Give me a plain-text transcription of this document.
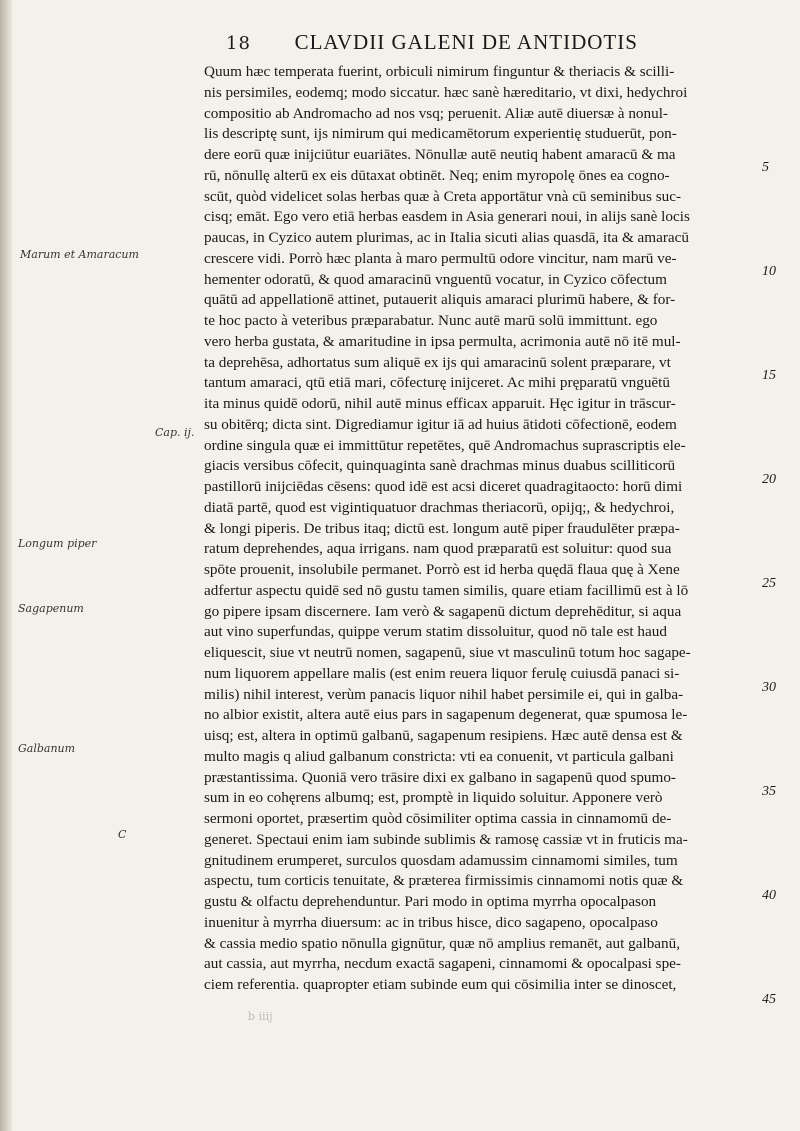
18 CLAVDII GALENI DE ANTIDOTIS
Quum hæc temperata fuerint, orbiculi nimirum finguntur & theriacis & scilli-
nis persimiles, eodemq; modo siccatur. hæc sanè hæreditario, vt dixi, hedychroi
compositio ab Andromacho ad nos vsq; peruenit. Aliæ autē diuersæ à nonul-
lis descriptę sunt, ijs nimirum qui medicamētorum experientię studuerūt, pon-
dere eorū quæ inijciūtur euariātes. Nōnullæ autē neutiq habent amaracū & ma
rū, nōnullę alterū ex eis dūtaxat obtinēt. Neq; enim myropolę ōnes ea cogno-
scūt, quòd videlicet solas herbas quæ à Creta apportātur vnà cū seminibus suc-
cisq; emāt. Ego vero etiā herbas easdem in Asia generari noui, in alijs sanè locis
paucas, in Cyzico autem plurimas, ac in Italia sicuti alias quasdā, ita & amaracū
crescere vidi. Porrò hæc planta à maro permultū odore vincitur, nam marū ve-
hementer odoratū, & quod amaracinū vnguentū vocatur, in Cyzico cōfectum
quātū ad appellationē attinet, putauerit aliquis amaraci plurimū habere, & for-
te hoc pacto à veteribus præparabatur. Nunc autē marū solū immittunt. ego
vero herba gustata, & amaritudine in ipsa permulta, acrimonia autē nō itē mul-
ta deprehēsa, adhortatus sum aliquē ex ijs qui amaracinū solent præparare, vt
tantum amaraci, qtū etiā mari, cōfecturę inijceret. Ac mihi pręparatū vnguētū
ita minus quidē odorū, nihil autē minus efficax apparuit. Hęc igitur in trāscur-
su obitērq; dicta sint. Digrediamur igitur iā ad huius ātidoti cōfectionē, eodem
ordine singula quæ ei immittūtur repetētes, quē Andromachus suprascriptis ele-
giacis versibus cōfecit, quinquaginta sanè drachmas minus duabus scilliticorū
pastillorū inijciēdas cēsens: quod idē est acsi diceret quadragitaocto: horū dimi
diatā partē, quod est vigintiquatuor drachmas theriacorū, opijq;, & hedychroi,
& longi piperis. De tribus itaq; dictū est. longum autē piper fraudulēter præpa-
ratum deprehendes, aqua irrigans. nam quod præparatū est soluitur: quod sua
spōte prouenit, insolubile permanet. Porrò est id herba quędā flaua quę à Xene
adfertur aspectu quidē sed nō gustu tamen similis, quare etiam facillimū est à lō
go pipere ipsam discernere. Iam verò & sagapenū dictum deprehēditur, si aqua
aut vino superfundas, quippe verum statim dissoluitur, quod nō tale est haud
eliquescit, siue vt neutrū nomen, sagapenū, siue vt masculinū totum hoc sagape-
num liquorem appellare malis (est enim reuera liquor ferulę cuiusdā panaci si-
milis) nihil interest, verùm panacis liquor nihil habet persimile ei, qui in galba-
no albior existit, altera autē eius pars in sagapenum degenerat, quæ spumosa le-
uisq; est, altera in optimū galbanū, sagapenum resipiens. Hæc autē densa est &
multo magis q aliud galbanum constricta: vti ea conuenit, vt particula galbani
præstantissima. Quoniā vero trāsire dixi ex galbano in sagapenū quod spumo-
sum in eo cohęrens albumq; est, promptè in liquido soluitur. Apponere verò
sermoni oportet, præsertim quòd cōsimiliter optima cassia in cinnamomū de-
generet. Spectaui enim iam subinde sublimis & ramosę cassiæ vt in fruticis ma-
gnitudinem erumperet, surculos quosdam adamussim cinnamomi similes, tum
aspectu, tum corticis tenuitate, & præterea firmissimis cinnamomi notis quæ &
gustu & olfactu deprehenduntur. Pari modo in optima myrrha opocalpason
inuenitur à myrrha diuersum: ac in tribus hisce, dico sagapeno, opocalpaso
& cassia medio spatio nōnulla gignūtur, quæ nō amplius remanēt, aut galbanū,
aut cassia, aut myrrha, necdum exactā sagapeni, cinnamomi & opocalpasi spe-
ciem referentia. quapropter etiam subinde eum qui cōsimilia inter se dinoscet,
Marum et Amaracum
Cap. ij.
Longum piper
Sagapenum
Galbanum
C
5
10
15
20
25
30
35
40
45
b iiij
